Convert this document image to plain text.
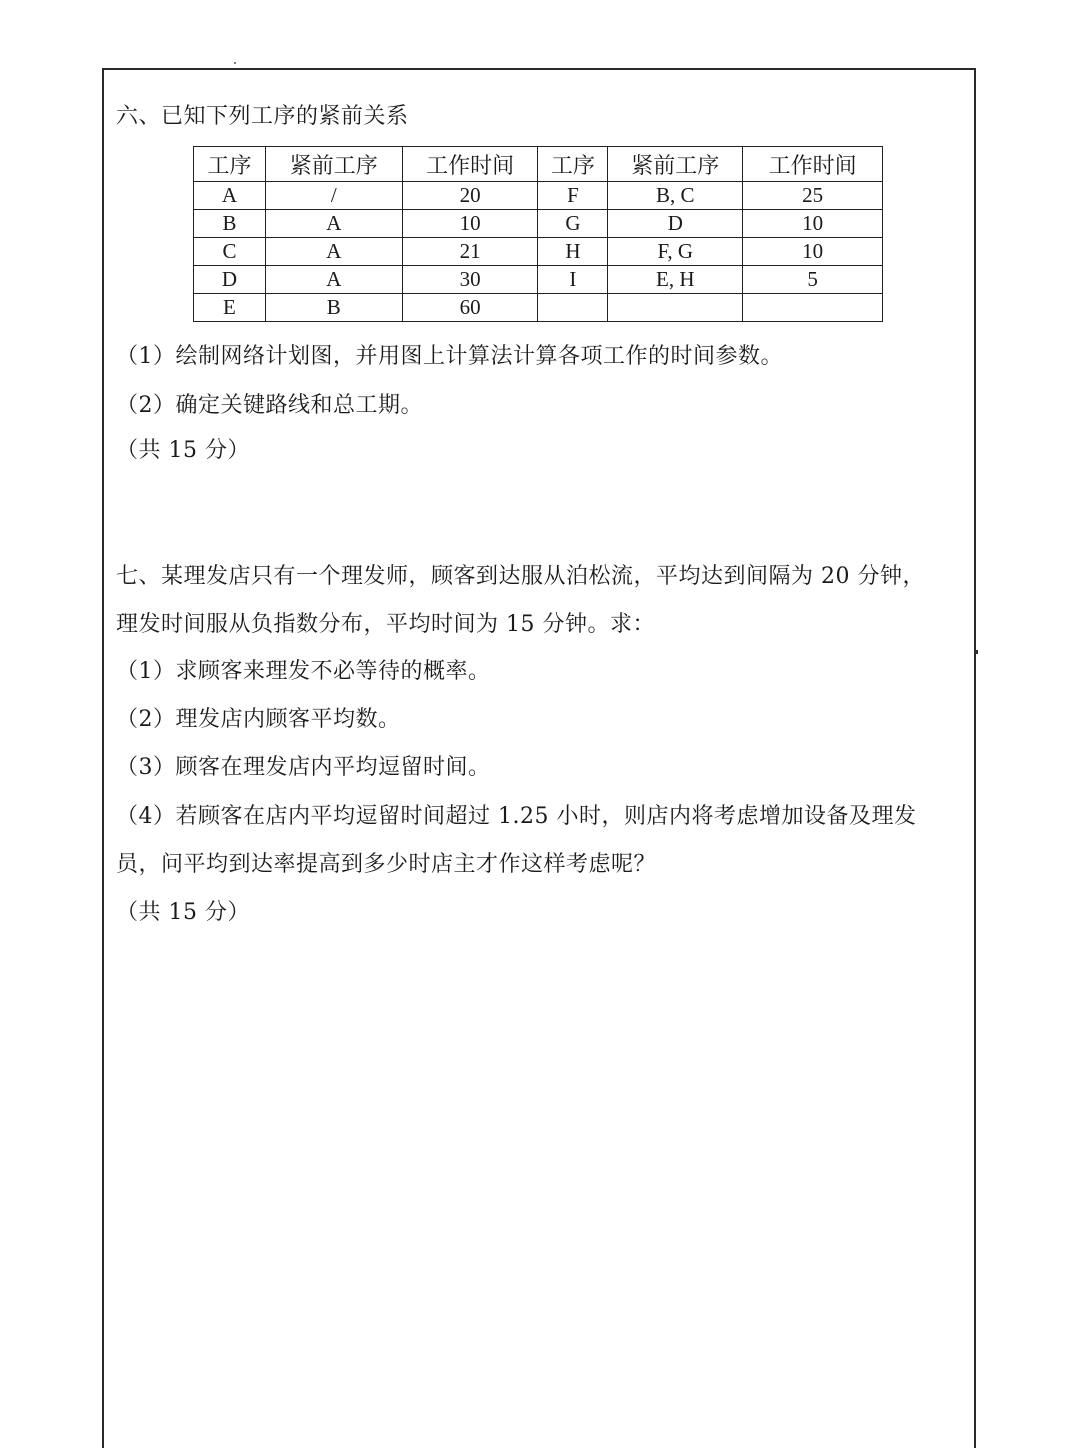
六、已知下列工序的紧前关系
工序	紧前工序	工作时间	工序	紧前工序	工作时间
A	/	20	F	B, C	25
B	A	10	G	D	10
C	A	21	H	F, G	10
D	A	30	I	E, H	5
E	B	60			
（1）绘制网络计划图，并用图上计算法计算各项工作的时间参数。
（2）确定关键路线和总工期。
（共 15 分）
七、某理发店只有一个理发师，顾客到达服从泊松流，平均达到间隔为 20 分钟，
理发时间服从负指数分布，平均时间为 15 分钟。求：
（1）求顾客来理发不必等待的概率。
（2）理发店内顾客平均数。
（3）顾客在理发店内平均逗留时间。
（4）若顾客在店内平均逗留时间超过 1.25 小时，则店内将考虑增加设备及理发
员，问平均到达率提高到多少时店主才作这样考虑呢？
（共 15 分）
